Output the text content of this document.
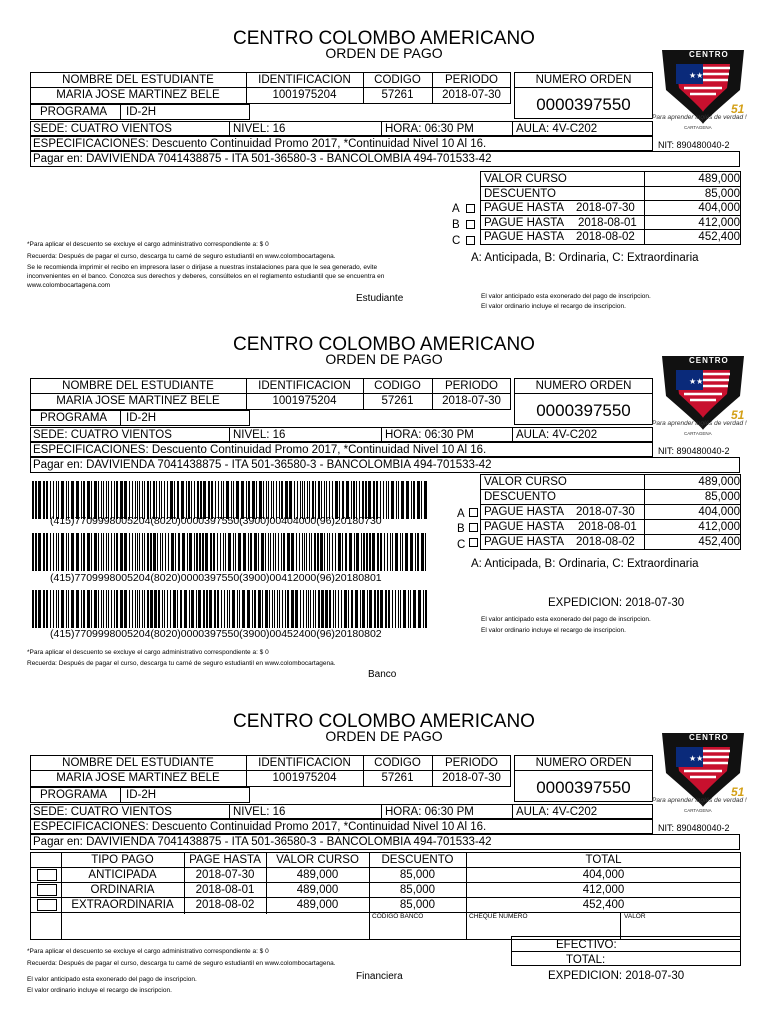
CENTRO COLOMBO AMERICANO
ORDEN DE PAGO
NOMBRE DEL ESTUDIANTE	IDENTIFICACION	CODIGO	PERIODO
MARIA JOSE MARTINEZ BELE	1001975204	57261	2018-07-30
PROGRAMA ID-2H
NUMERO ORDEN
0000397550
SEDE: CUATRO VIENTOS	NIVEL: 16	HORA: 06:30 PM	AULA: 4V-C202
ESPECIFICACIONES: Descuento Continuidad Promo 2017, *Continuidad Nivel 10 Al 16.	NIT: 890480040-2
Pagar en: DAVIVIENDA 7041438875 - ITA 501-36580-3 - BANCOLOMBIA 494-701533-42
★★
CENTRO
51
Para aprender inglés de verdad !
CARTAGENA
VALOR CURSO	489,000
DESCUENTO	85,000
PAGUE HASTA 2018-07-30	404,000
PAGUE HASTA 2018-08-01	412,000
PAGUE HASTA 2018-08-02	452,400
A
B
C
A: Anticipada, B: Ordinaria, C: Extraordinaria
*Para aplicar el descuento se excluye el cargo administrativo correspondiente a: $ 0
Recuerda: Después de pagar el curso, descarga tu carné de seguro estudiantil en www.colombocartagena.
Se le recomienda imprimir el recibo en impresora laser o dirijase a nuestras instalaciones para que le sea generado, evite
inconvenientes en el banco. Conozca sus derechos y deberes, consúltelos en el reglamento estudiantil que se encuentra en
www.colombocartagena.com
Estudiante	El valor anticipado esta exonerado del pago de inscripcion.
El valor ordinario incluye el recargo de inscripcion.
CENTRO COLOMBO AMERICANO
ORDEN DE PAGO
NOMBRE DEL ESTUDIANTE	IDENTIFICACION	CODIGO	PERIODO
MARIA JOSE MARTINEZ BELE	1001975204	57261	2018-07-30
PROGRAMA ID-2H
NUMERO ORDEN
0000397550
SEDE: CUATRO VIENTOS	NIVEL: 16	HORA: 06:30 PM	AULA: 4V-C202
ESPECIFICACIONES: Descuento Continuidad Promo 2017, *Continuidad Nivel 10 Al 16.	NIT: 890480040-2
Pagar en: DAVIVIENDA 7041438875 - ITA 501-36580-3 - BANCOLOMBIA 494-701533-42
★★
CENTRO
51
Para aprender inglés de verdad !
CARTAGENA
(415)7709998005204(8020)0000397550(3900)00404000(96)20180730
(415)7709998005204(8020)0000397550(3900)00412000(96)20180801
(415)7709998005204(8020)0000397550(3900)00452400(96)20180802
VALOR CURSO	489,000
DESCUENTO	85,000
PAGUE HASTA 2018-07-30	404,000
PAGUE HASTA 2018-08-01	412,000
PAGUE HASTA 2018-08-02	452,400
A
B
C
A: Anticipada, B: Ordinaria, C: Extraordinaria
EXPEDICION: 2018-07-30
El valor anticipado esta exonerado del pago de inscripcion.
El valor ordinario incluye el recargo de inscripcion.
*Para aplicar el descuento se excluye el cargo administrativo correspondiente a: $ 0
Recuerda: Después de pagar el curso, descarga tu carné de seguro estudiantil en www.colombocartagena.
Banco
CENTRO COLOMBO AMERICANO
ORDEN DE PAGO
NOMBRE DEL ESTUDIANTE	IDENTIFICACION	CODIGO	PERIODO
MARIA JOSE MARTINEZ BELE	1001975204	57261	2018-07-30
PROGRAMA ID-2H
NUMERO ORDEN
0000397550
SEDE: CUATRO VIENTOS	NIVEL: 16	HORA: 06:30 PM	AULA: 4V-C202
ESPECIFICACIONES: Descuento Continuidad Promo 2017, *Continuidad Nivel 10 Al 16.	NIT: 890480040-2
Pagar en: DAVIVIENDA 7041438875 - ITA 501-36580-3 - BANCOLOMBIA 494-701533-42
★★
CENTRO
51
Para aprender inglés de verdad !
CARTAGENA
TIPO PAGO	PAGE HASTA	VALOR CURSO	DESCUENTO	TOTAL
ANTICIPADA	2018-07-30	489,000	85,000	404,000
ORDINARIA	2018-08-01	489,000	85,000	412,000
EXTRAORDINARIA	2018-08-02	489,000	85,000	452,400
CODIGO BANCO	CHEQUE NUMERO	VALOR
EFECTIVO:
TOTAL:
EXPEDICION: 2018-07-30
*Para aplicar el descuento se excluye el cargo administrativo correspondiente a: $ 0
Recuerda: Después de pagar el curso, descarga tu carné de seguro estudiantil en www.colombocartagena.
Financiera
El valor anticipado esta exonerado del pago de inscripcion.
El valor ordinario incluye el recargo de inscripcion.
